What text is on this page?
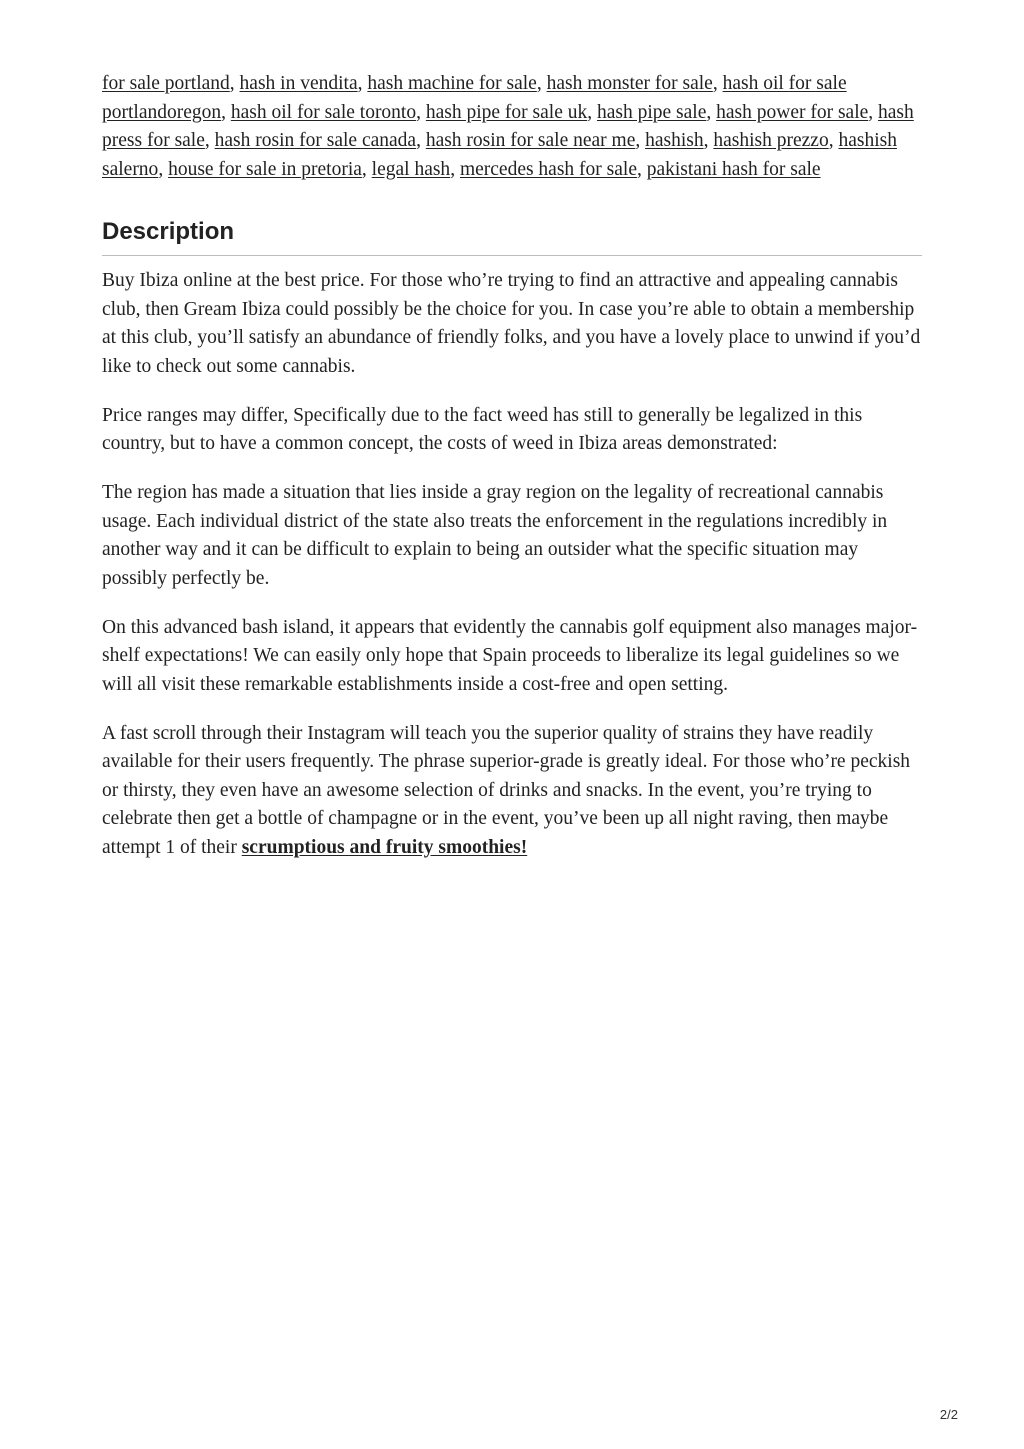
for sale portland, hash in vendita, hash machine for sale, hash monster for sale, hash oil for sale portlandoregon, hash oil for sale toronto, hash pipe for sale uk, hash pipe sale, hash power for sale, hash press for sale, hash rosin for sale canada, hash rosin for sale near me, hashish, hashish prezzo, hashish salerno, house for sale in pretoria, legal hash, mercedes hash for sale, pakistani hash for sale

Description

Buy Ibiza online at the best price. For those who’re trying to find an attractive and appealing cannabis club, then Gream Ibiza could possibly be the choice for you. In case you’re able to obtain a membership at this club, you’ll satisfy an abundance of friendly folks, and you have a lovely place to unwind if you’d like to check out some cannabis.

Price ranges may differ, Specifically due to the fact weed has still to generally be legalized in this country, but to have a common concept, the costs of weed in Ibiza areas demonstrated:

The region has made a situation that lies inside a gray region on the legality of recreational cannabis usage. Each individual district of the state also treats the enforcement in the regulations incredibly in another way and it can be difficult to explain to being an outsider what the specific situation may possibly perfectly be.

On this advanced bash island, it appears that evidently the cannabis golf equipment also manages major-shelf expectations! We can easily only hope that Spain proceeds to liberalize its legal guidelines so we will all visit these remarkable establishments inside a cost-free and open setting.

A fast scroll through their Instagram will teach you the superior quality of strains they have readily available for their users frequently. The phrase superior-grade is greatly ideal. For those who’re peckish or thirsty, they even have an awesome selection of drinks and snacks. In the event, you’re trying to celebrate then get a bottle of champagne or in the event, you’ve been up all night raving, then maybe attempt 1 of their scrumptious and fruity smoothies!

2/2
